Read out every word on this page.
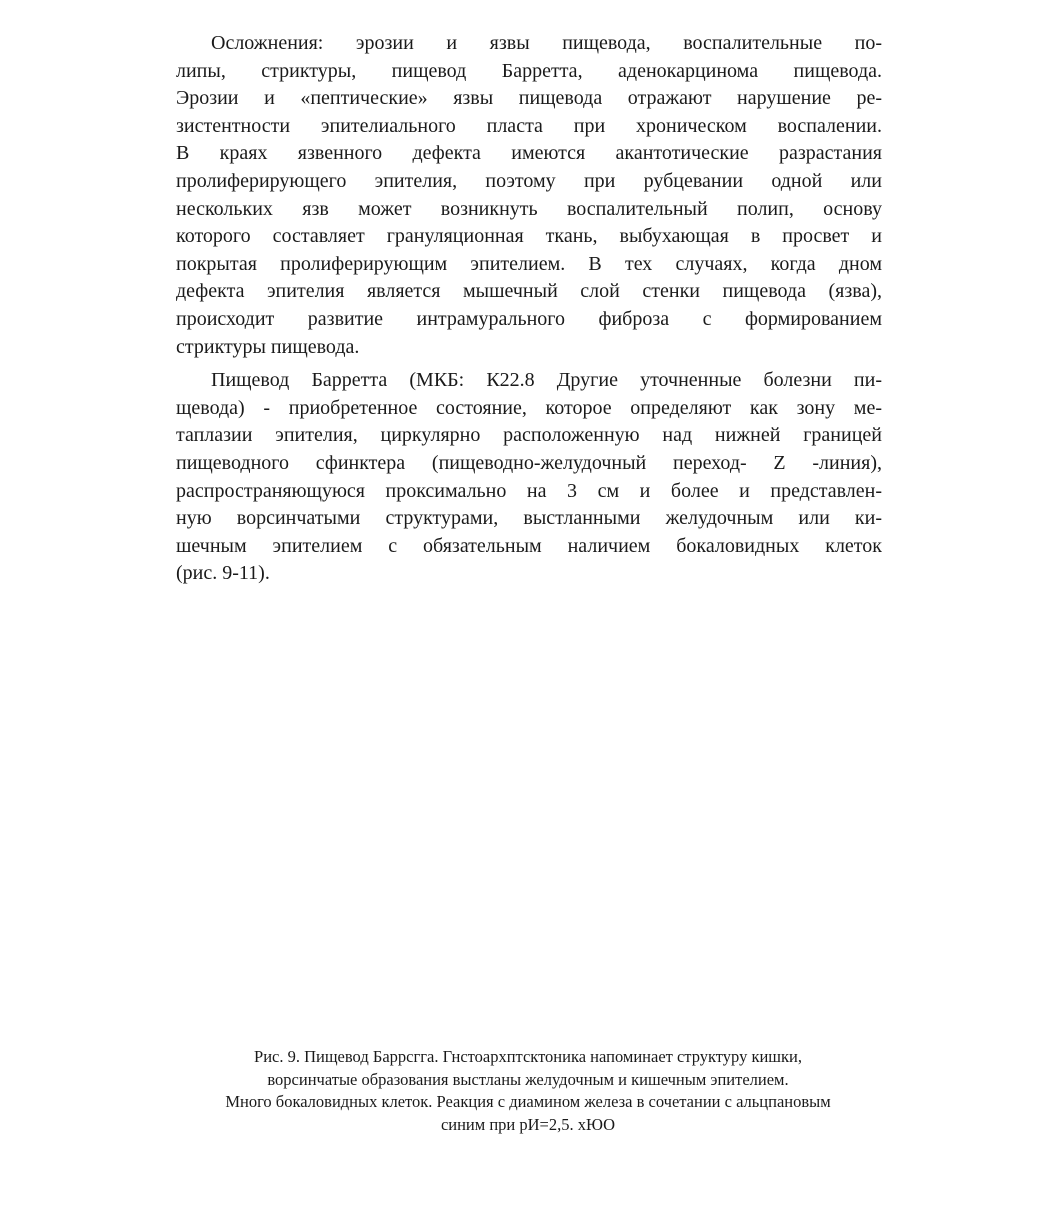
Осложнения: эрозии и язвы пищевода, воспалительные по-
липы, стриктуры, пищевод Барретта, аденокарцинома пищевода.
Эрозии и «пептические» язвы пищевода отражают нарушение ре-
зистентности эпителиального пласта при хроническом воспалении.
В краях язвенного дефекта имеются акантотические разрастания
пролиферирующего эпителия, поэтому при рубцевании одной или
нескольких язв может возникнуть воспалительный полип, основу
которого составляет грануляционная ткань, выбухающая в просвет и
покрытая пролиферирующим эпителием. В тех случаях, когда дном
дефекта эпителия является мышечный слой стенки пищевода (язва),
происходит развитие интрамурального фиброза с формированием
стриктуры пищевода.
Пищевод Барретта (МКБ: К22.8 Другие уточненные болезни пи-
щевода) - приобретенное состояние, которое определяют как зону ме-
таплазии эпителия, циркулярно расположенную над нижней границей
пищеводного сфинктера (пищеводно-желудочный переход- Z -линия),
распространяющуюся проксимально на 3 см и более и представлен-
ную ворсинчатыми структурами, выстланными желудочным или ки-
шечным эпителием с обязательным наличием бокаловидных клеток
(рис. 9-11).
Рис. 9. Пищевод Баррсгга. Гнстоархптсктоника напоминает структуру кишки,
ворсинчатые образования выстланы желудочным и кишечным эпителием.
Много бокаловидных клеток. Реакция с диамином железа в сочетании с альцпановым
синим при рИ=2,5. хЮО
